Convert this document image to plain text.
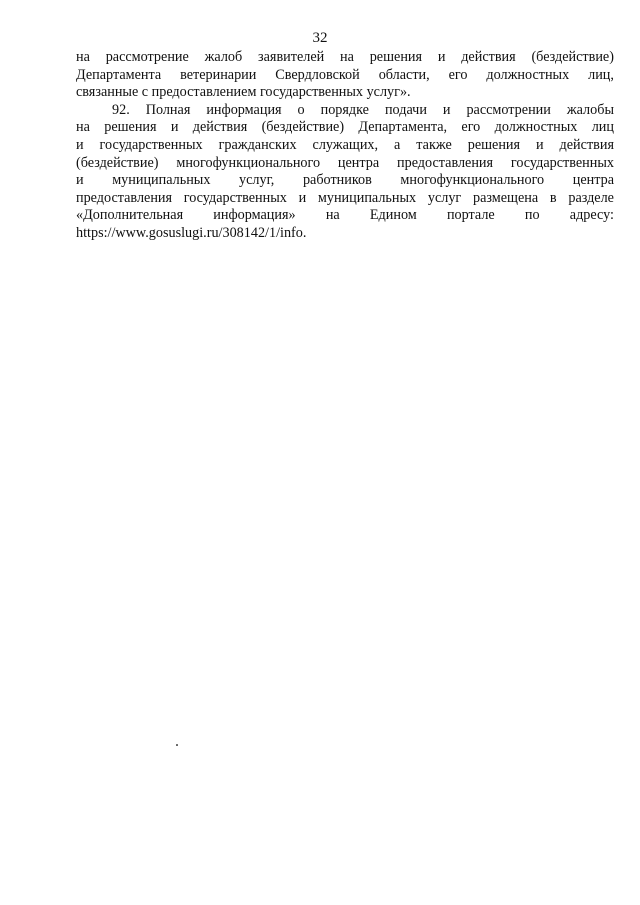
32
на рассмотрение жалоб заявителей на решения и действия (бездействие)
Департамента ветеринарии Свердловской области, его должностных лиц,
связанные с предоставлением государственных услуг».
92. Полная информация о порядке подачи и рассмотрении жалобы
на решения и действия (бездействие) Департамента, его должностных лиц
и государственных гражданских служащих, а также решения и действия
(бездействие) многофункционального центра предоставления государственных
и муниципальных услуг, работников многофункционального центра
предоставления государственных и муниципальных услуг размещена в разделе
«Дополнительная информация» на Едином портале по адресу:
https://www.gosuslugi.ru/308142/1/info.
